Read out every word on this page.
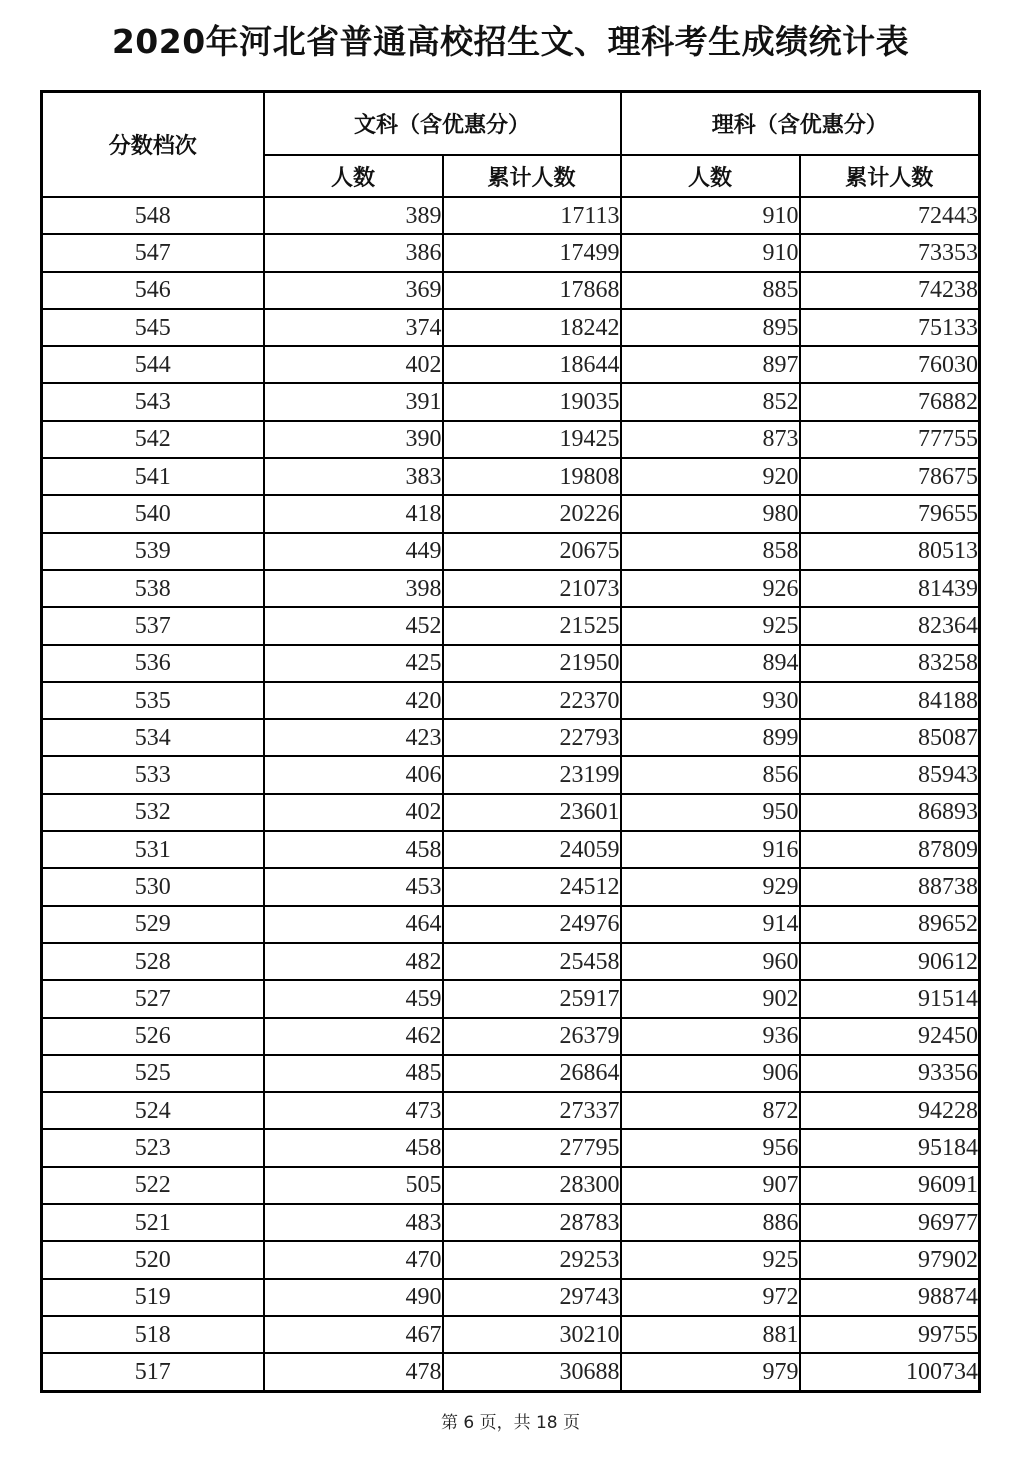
2020年河北省普通高校招生文、理科考生成绩统计表
分数档次	文科（含优惠分）		理科（含优惠分）	
	人数	累计人数	人数	累计人数
548	389	17113	910	72443
547	386	17499	910	73353
546	369	17868	885	74238
545	374	18242	895	75133
544	402	18644	897	76030
543	391	19035	852	76882
542	390	19425	873	77755
541	383	19808	920	78675
540	418	20226	980	79655
539	449	20675	858	80513
538	398	21073	926	81439
537	452	21525	925	82364
536	425	21950	894	83258
535	420	22370	930	84188
534	423	22793	899	85087
533	406	23199	856	85943
532	402	23601	950	86893
531	458	24059	916	87809
530	453	24512	929	88738
529	464	24976	914	89652
528	482	25458	960	90612
527	459	25917	902	91514
526	462	26379	936	92450
525	485	26864	906	93356
524	473	27337	872	94228
523	458	27795	956	95184
522	505	28300	907	96091
521	483	28783	886	96977
520	470	29253	925	97902
519	490	29743	972	98874
518	467	30210	881	99755
517	478	30688	979	100734
第 6 页，共 18 页
